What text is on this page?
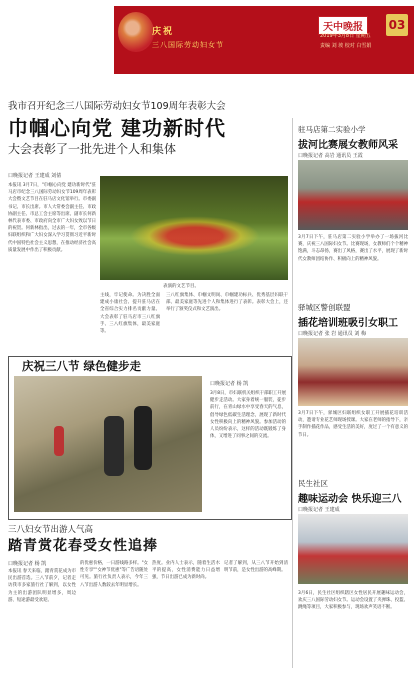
庆祝
三八国际劳动妇女节
天中晚报	03
2019年3月8日 星期五
责编 刘 坡 校对 白雪娟
我市召开纪念三八国际劳动妇女节109周年表彰大会
巾帼心向党 建功新时代
大会表彰了一批先进个人和集体
口晚报记者 王建成 刘倩
本报讯 3月7日，"巾帼心向党 建功新时代"驻马店市纪念三八国际劳动妇女节109周年表彰大会暨文艺节目在驻马店文化馆举行。市委副书记、市长出席。市人大常委会副主任、市政协副主任、市总工会主席等出席。副市长何新林代表市委、市政府向全市广大妇女致以节日的祝贺。何新林指出，过去的一年，全市各级妇联组织和广大妇女深入学习贯彻习近平新时代中国特色社会主义思想，在推动经济社会高质量发展中作出了积极贡献。
表演的文艺节目。
主线，牢记使命。为决胜全面建成小康社会、提升驻马店在全省综合实力排名贡献力量。大会表彰了驻马店市三八红旗手、三八红旗集体，最美家庭等。
三八红旗集体、巾帼文明岗、巾帼建功标兵、优秀基层妇联干部、最美家庭等先进个人和集体进行了表彰。表彰大会上，还举行了颁奖仪式和文艺演出。
庆祝三八节 绿色健步走
口晚报记者 杨 凯
3月8日，市妇联机关组织干部职工开展健步走活动。大家身着统一服装，徒步前行，在青山绿水中享受春天的气息，倡导绿色低碳生活理念，展现了新时代女性积极向上的精神风貌。参加活动的人员纷纷表示，这样的活动既锻炼了身体，又增进了同事之间的交流。
三八妇女节出游人气高
踏青赏花春受女性追捧
口晚报记者 杨 凯
本报讯 春天来临，踏青赏花成为市民出游首选。三八节前夕，记者走访我市多家旅行社了解到，以女性为主的出游团队明显增多，周边游、短途游最受欢迎。
的优惠价格，一日游线路多样。"女性专享""女神节优惠"等广告语随处可见。旅行社负责人表示，今年三八节出游人数较去年明显增长。
热度。业内人士表示，随着生活水平的提高，女性消费能力日益增强，节日出游已成为新时尚。
记者了解到，从三八节开始到清明节前，是女性出游的高峰期。
驻马店第二实验小学
拔河比赛展女教师风采
口晚报记者 高岩 通讯员 王霞
3月7日下午，驻马店第二实验小学举办了一场拔河比赛，庆祝三八国际妇女节。比赛现场，女教师们个个精神饱满，斗志昂扬，赛出了风格，赛出了水平，展现了新时代女教师团结协作、积极向上的精神风貌。
驿城区警创联盟
插花培训班吸引女职工
口晚报记者 张 岩 通讯员 刘 梅
3月7日下午，驿城区妇联组织女职工开展插花培训活动，邀请专业花艺师现场授课。大家在老师的指导下，亲手制作插花作品，感受生活的美好，度过了一个有意义的节日。
民生社区
趣味运动会 快乐迎三八
口晚报记者 王建成
3月6日，民生社区组织辖区女性居民开展趣味运动会，欢庆三八国际劳动妇女节。运动会设置了夹弹珠、投篮、跳绳等项目，大家积极参与，现场欢声笑语不断。
